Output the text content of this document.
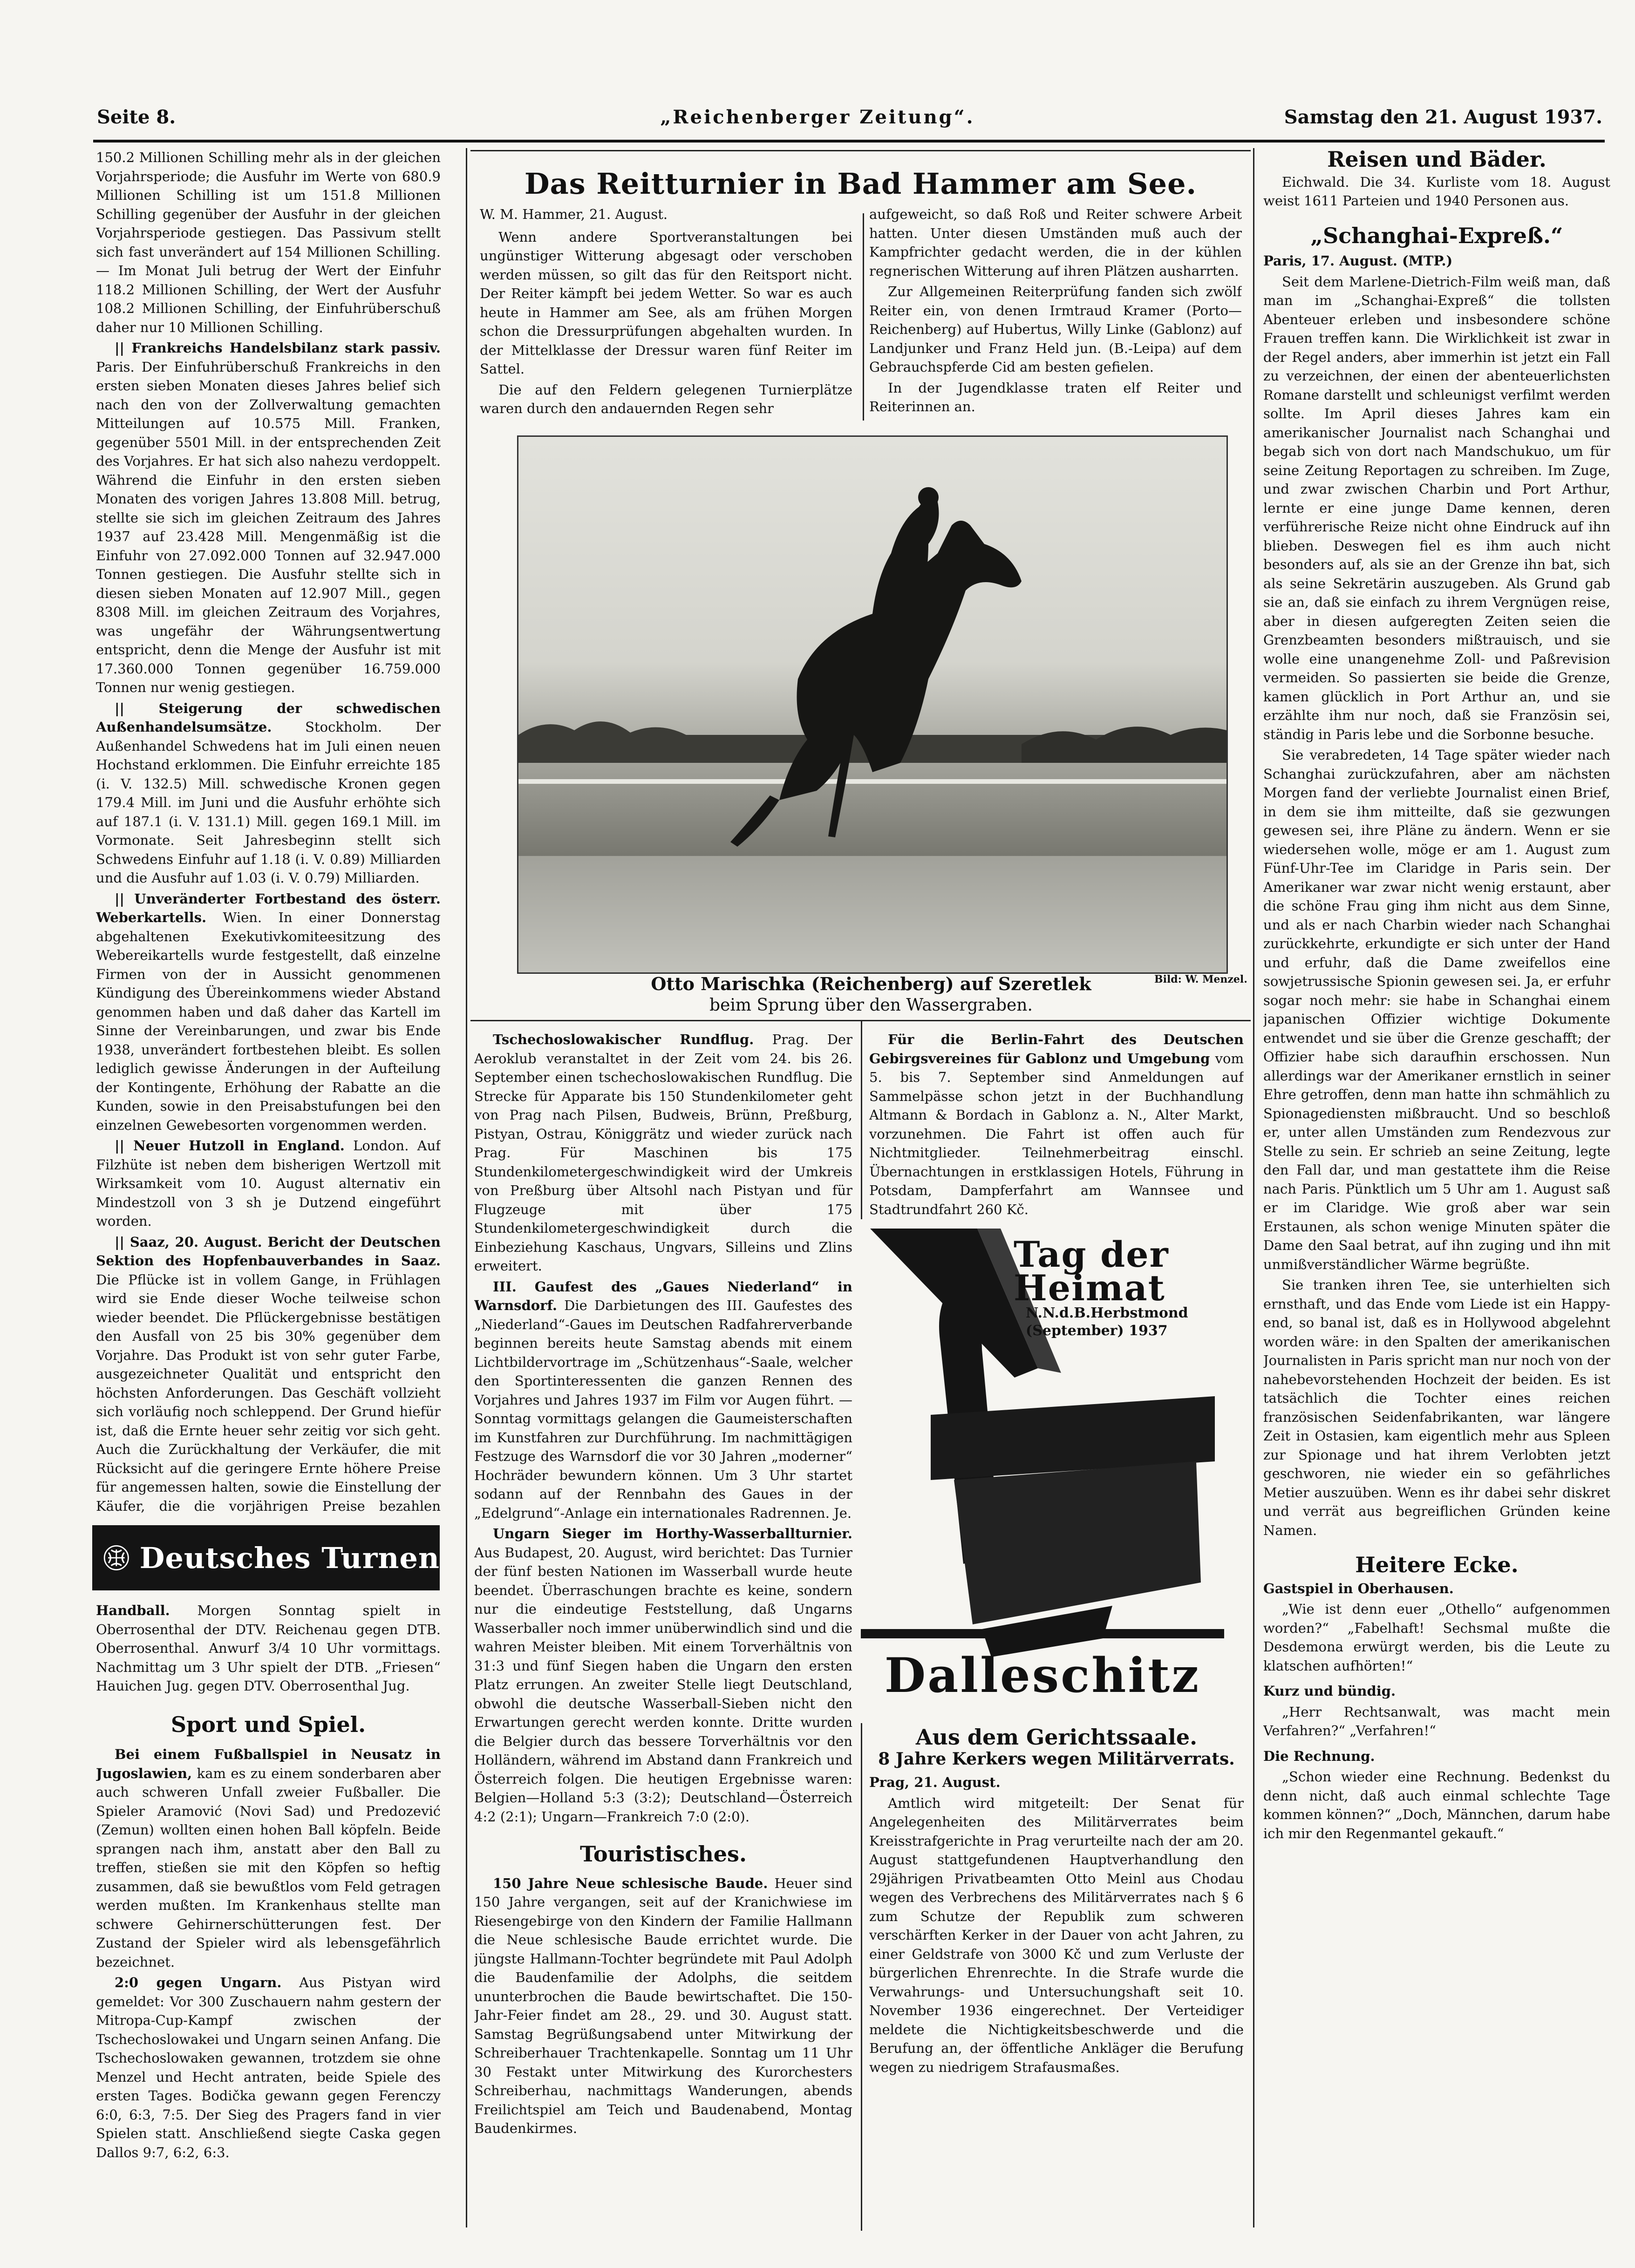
Seite 8.	„Reichenberger Zeitung“.	Samstag den 21. August 1937.

150.2 Millionen Schilling mehr als in der gleichen Vorjahrsperiode; die Ausfuhr im Werte von 680.9 Millionen Schilling ist um 151.8 Millionen Schilling gegenüber der Ausfuhr in der gleichen Vorjahrsperiode gestiegen. Das Passivum stellt sich fast unverändert auf 154 Millionen Schilling. — Im Monat Juli betrug der Wert der Einfuhr 118.2 Millionen Schilling, der Wert der Ausfuhr 108.2 Millionen Schilling, der Einfuhrüberschuß daher nur 10 Millionen Schilling.

|| Frankreichs Handelsbilanz stark passiv. Paris. Der Einfuhrüberschuß Frankreichs in den ersten sieben Monaten dieses Jahres belief sich nach den von der Zollverwaltung gemachten Mitteilungen auf 10.575 Mill. Franken, gegenüber 5501 Mill. in der entsprechenden Zeit des Vorjahres. Er hat sich also nahezu verdoppelt. Während die Einfuhr in den ersten sieben Monaten des vorigen Jahres 13.808 Mill. betrug, stellte sie sich im gleichen Zeitraum des Jahres 1937 auf 23.428 Mill. Mengenmäßig ist die Einfuhr von 27.092.000 Tonnen auf 32.947.000 Tonnen gestiegen. Die Ausfuhr stellte sich in diesen sieben Monaten auf 12.907 Mill., gegen 8308 Mill. im gleichen Zeitraum des Vorjahres, was ungefähr der Währungsentwertung entspricht, denn die Menge der Ausfuhr ist mit 17.360.000 Tonnen gegenüber 16.759.000 Tonnen nur wenig gestiegen.

|| Steigerung der schwedischen Außenhandelsumsätze. Stockholm. Der Außenhandel Schwedens hat im Juli einen neuen Hochstand erklommen. Die Einfuhr erreichte 185 (i. V. 132.5) Mill. schwedische Kronen gegen 179.4 Mill. im Juni und die Ausfuhr erhöhte sich auf 187.1 (i. V. 131.1) Mill. gegen 169.1 Mill. im Vormonate. Seit Jahresbeginn stellt sich Schwedens Einfuhr auf 1.18 (i. V. 0.89) Milliarden und die Ausfuhr auf 1.03 (i. V. 0.79) Milliarden.

|| Unveränderter Fortbestand des österr. Weberkartells. Wien. In einer Donnerstag abgehaltenen Exekutivkomiteesitzung des Webereikartells wurde festgestellt, daß einzelne Firmen von der in Aussicht genommenen Kündigung des Übereinkommens wieder Abstand genommen haben und daß daher das Kartell im Sinne der Vereinbarungen, und zwar bis Ende 1938, unverändert fortbestehen bleibt. Es sollen lediglich gewisse Änderungen in der Aufteilung der Kontingente, Erhöhung der Rabatte an die Kunden, sowie in den Preisabstufungen bei den einzelnen Gewebesorten vorgenommen werden.

|| Neuer Hutzoll in England. London. Auf Filzhüte ist neben dem bisherigen Wertzoll mit Wirksamkeit vom 10. August alternativ ein Mindestzoll von 3 sh je Dutzend eingeführt worden.

|| Saaz, 20. August. Bericht der Deutschen Sektion des Hopfenbauverbandes in Saaz. Die Pflücke ist in vollem Gange, in Frühlagen wird sie Ende dieser Woche teilweise schon wieder beendet. Die Pflückergebnisse bestätigen den Ausfall von 25 bis 30% gegenüber dem Vorjahre. Das Produkt ist von sehr guter Farbe, ausgezeichneter Qualität und entspricht den höchsten Anforderungen. Das Geschäft vollzieht sich vorläufig noch schleppend. Der Grund hiefür ist, daß die Ernte heuer sehr zeitig vor sich geht. Auch die Zurückhaltung der Verkäufer, die mit Rücksicht auf die geringere Ernte höhere Preise für angemessen halten, sowie die Einstellung der Käufer, die die vorjährigen Preise bezahlen

Deutsches Turnen

Handball. Morgen Sonntag spielt in Oberrosenthal der DTV. Reichenau gegen DTB. Oberrosenthal. Anwurf 3/4 10 Uhr vormittags. Nachmittag um 3 Uhr spielt der DTB. „Friesen“ Hauichen Jug. gegen DTV. Oberrosenthal Jug.

Sport und Spiel.

Bei einem Fußballspiel in Neusatz in Jugoslawien, kam es zu einem sonderbaren aber auch schweren Unfall zweier Fußballer. Die Spieler Aramović (Novi Sad) und Predozević (Zemun) wollten einen hohen Ball köpfeln. Beide sprangen nach ihm, anstatt aber den Ball zu treffen, stießen sie mit den Köpfen so heftig zusammen, daß sie bewußtlos vom Feld getragen werden mußten. Im Krankenhaus stellte man schwere Gehirnerschütterungen fest. Der Zustand der Spieler wird als lebensgefährlich bezeichnet.

2:0 gegen Ungarn. Aus Pistyan wird gemeldet: Vor 300 Zuschauern nahm gestern der Mitropa-Cup-Kampf zwischen der Tschechoslowakei und Ungarn seinen Anfang. Die Tschechoslowaken gewannen, trotzdem sie ohne Menzel und Hecht antraten, beide Spiele des ersten Tages. Bodička gewann gegen Ferenczy 6:0, 6:3, 7:5. Der Sieg des Pragers fand in vier Spielen statt. Anschließend siegte Caska gegen Dallos 9:7, 6:2, 6:3.

Das Reitturnier in Bad Hammer am See.

W. M. Hammer, 21. August.

Wenn andere Sportveranstaltungen bei ungünstiger Witterung abgesagt oder verschoben werden müssen, so gilt das für den Reitsport nicht. Der Reiter kämpft bei jedem Wetter. So war es auch heute in Hammer am See, als am frühen Morgen schon die Dressurprüfungen abgehalten wurden. In der Mittelklasse der Dressur waren fünf Reiter im Sattel.

Die auf den Feldern gelegenen Turnierplätze waren durch den andauernden Regen sehr

aufgeweicht, so daß Roß und Reiter schwere Arbeit hatten. Unter diesen Umständen muß auch der Kampfrichter gedacht werden, die in der kühlen regnerischen Witterung auf ihren Plätzen ausharrten.

Zur Allgemeinen Reiterprüfung fanden sich zwölf Reiter ein, von denen Irmtraud Kramer (Porto—Reichenberg) auf Hubertus, Willy Linke (Gablonz) auf Landjunker und Franz Held jun. (B.-Leipa) auf dem Gebrauchspferde Cid am besten gefielen.

In der Jugendklasse traten elf Reiter und Reiterinnen an.

Otto Marischka (Reichenberg) auf Szeretlek
beim Sprung über den Wassergraben.
Bild: W. Menzel.

Tschechoslowakischer Rundflug. Prag. Der Aeroklub veranstaltet in der Zeit vom 24. bis 26. September einen tschechoslowakischen Rundflug. Die Strecke für Apparate bis 150 Stundenkilometer geht von Prag nach Pilsen, Budweis, Brünn, Preßburg, Pistyan, Ostrau, Königgrätz und wieder zurück nach Prag. Für Maschinen bis 175 Stundenkilometergeschwindigkeit wird der Umkreis von Preßburg über Altsohl nach Pistyan und für Flugzeuge mit über 175 Stundenkilometergeschwindigkeit durch die Einbeziehung Kaschaus, Ungvars, Silleins und Zlins erweitert.

III. Gaufest des „Gaues Niederland“ in Warnsdorf. Die Darbietungen des III. Gaufestes des „Niederland“-Gaues im Deutschen Radfahrerverbande beginnen bereits heute Samstag abends mit einem Lichtbildervortrage im „Schützenhaus“-Saale, welcher den Sportinteressenten die ganzen Rennen des Vorjahres und Jahres 1937 im Film vor Augen führt. — Sonntag vormittags gelangen die Gaumeisterschaften im Kunstfahren zur Durchführung. Im nachmittägigen Festzuge des Warnsdorf die vor 30 Jahren „moderner“ Hochräder bewundern können. Um 3 Uhr startet sodann auf der Rennbahn des Gaues in der „Edelgrund“-Anlage ein internationales Radrennen. Je.

Ungarn Sieger im Horthy-Wasserballturnier. Aus Budapest, 20. August, wird berichtet: Das Turnier der fünf besten Nationen im Wasserball wurde heute beendet. Überraschungen brachte es keine, sondern nur die eindeutige Feststellung, daß Ungarns Wasserballer noch immer unüberwindlich sind und die wahren Meister bleiben. Mit einem Torverhältnis von 31:3 und fünf Siegen haben die Ungarn den ersten Platz errungen. An zweiter Stelle liegt Deutschland, obwohl die deutsche Wasserball-Sieben nicht den Erwartungen gerecht werden konnte. Dritte wurden die Belgier durch das bessere Torverhältnis vor den Holländern, während im Abstand dann Frankreich und Österreich folgen. Die heutigen Ergebnisse waren: Belgien—Holland 5:3 (3:2); Deutschland—Österreich 4:2 (2:1); Ungarn—Frankreich 7:0 (2:0).

Touristisches.

150 Jahre Neue schlesische Baude. Heuer sind 150 Jahre vergangen, seit auf der Kranichwiese im Riesengebirge von den Kindern der Familie Hallmann die Neue schlesische Baude errichtet wurde. Die jüngste Hallmann-Tochter begründete mit Paul Adolph die Baudenfamilie der Adolphs, die seitdem ununterbrochen die Baude bewirtschaftet. Die 150-Jahr-Feier findet am 28., 29. und 30. August statt. Samstag Begrüßungsabend unter Mitwirkung der Schreiberhauer Trachtenkapelle. Sonntag um 11 Uhr 30 Festakt unter Mitwirkung des Kurorchesters Schreiberhau, nachmittags Wanderungen, abends Freilichtspiel am Teich und Baudenabend, Montag Baudenkirmes.

Für die Berlin-Fahrt des Deutschen Gebirgsvereines für Gablonz und Umgebung vom 5. bis 7. September sind Anmeldungen auf Sammelpässe schon jetzt in der Buchhandlung Altmann & Bordach in Gablonz a. N., Alter Markt, vorzunehmen. Die Fahrt ist offen auch für Nichtmitglieder. Teilnehmerbeitrag einschl. Übernachtungen in erstklassigen Hotels, Führung in Potsdam, Dampferfahrt am Wannsee und Stadtrundfahrt 260 Kč.

Tag der
Heimat
N.N.d.B.Herbstmond
(September) 1937
Dalleschitz
Aus dem Gerichtssaale.
8 Jahre Kerkers wegen Militärverrats.

Prag, 21. August.

Amtlich wird mitgeteilt: Der Senat für Angelegenheiten des Militärverrates beim Kreisstrafgerichte in Prag verurteilte nach der am 20. August stattgefundenen Hauptverhandlung den 29jährigen Privatbeamten Otto Meinl aus Chodau wegen des Verbrechens des Militärverrates nach § 6 zum Schutze der Republik zum schweren verschärften Kerker in der Dauer von acht Jahren, zu einer Geldstrafe von 3000 Kč und zum Verluste der bürgerlichen Ehrenrechte. In die Strafe wurde die Verwahrungs- und Untersuchungshaft seit 10. November 1936 eingerechnet. Der Verteidiger meldete die Nichtigkeitsbeschwerde und die Berufung an, der öffentliche Ankläger die Berufung wegen zu niedrigem Strafausmaßes.

Reisen und Bäder.

Eichwald. Die 34. Kurliste vom 18. August weist 1611 Parteien und 1940 Personen aus.

„Schanghai-Expreß.“

Paris, 17. August. (MTP.)

Seit dem Marlene-Dietrich-Film weiß man, daß man im „Schanghai-Expreß“ die tollsten Abenteuer erleben und insbesondere schöne Frauen treffen kann. Die Wirklichkeit ist zwar in der Regel anders, aber immerhin ist jetzt ein Fall zu verzeichnen, der einen der abenteuerlichsten Romane darstellt und schleunigst verfilmt werden sollte. Im April dieses Jahres kam ein amerikanischer Journalist nach Schanghai und begab sich von dort nach Mandschukuo, um für seine Zeitung Reportagen zu schreiben. Im Zuge, und zwar zwischen Charbin und Port Arthur, lernte er eine junge Dame kennen, deren verführerische Reize nicht ohne Eindruck auf ihn blieben. Deswegen fiel es ihm auch nicht besonders auf, als sie an der Grenze ihn bat, sich als seine Sekretärin auszugeben. Als Grund gab sie an, daß sie einfach zu ihrem Vergnügen reise, aber in diesen aufgeregten Zeiten seien die Grenzbeamten besonders mißtrauisch, und sie wolle eine unangenehme Zoll- und Paßrevision vermeiden. So passierten sie beide die Grenze, kamen glücklich in Port Arthur an, und sie erzählte ihm nur noch, daß sie Französin sei, ständig in Paris lebe und die Sorbonne besuche.

Sie verabredeten, 14 Tage später wieder nach Schanghai zurückzufahren, aber am nächsten Morgen fand der verliebte Journalist einen Brief, in dem sie ihm mitteilte, daß sie gezwungen gewesen sei, ihre Pläne zu ändern. Wenn er sie wiedersehen wolle, möge er am 1. August zum Fünf-Uhr-Tee im Claridge in Paris sein. Der Amerikaner war zwar nicht wenig erstaunt, aber die schöne Frau ging ihm nicht aus dem Sinne, und als er nach Charbin wieder nach Schanghai zurückkehrte, erkundigte er sich unter der Hand und erfuhr, daß die Dame zweifellos eine sowjetrussische Spionin gewesen sei. Ja, er erfuhr sogar noch mehr: sie habe in Schanghai einem japanischen Offizier wichtige Dokumente entwendet und sie über die Grenze geschafft; der Offizier habe sich daraufhin erschossen. Nun allerdings war der Amerikaner ernstlich in seiner Ehre getroffen, denn man hatte ihn schmählich zu Spionagediensten mißbraucht. Und so beschloß er, unter allen Umständen zum Rendezvous zur Stelle zu sein. Er schrieb an seine Zeitung, legte den Fall dar, und man gestattete ihm die Reise nach Paris. Pünktlich um 5 Uhr am 1. August saß er im Claridge. Wie groß aber war sein Erstaunen, als schon wenige Minuten später die Dame den Saal betrat, auf ihn zuging und ihn mit unmißverständlicher Wärme begrüßte.

Sie tranken ihren Tee, sie unterhielten sich ernsthaft, und das Ende vom Liede ist ein Happy-end, so banal ist, daß es in Hollywood abgelehnt worden wäre: in den Spalten der amerikanischen Journalisten in Paris spricht man nur noch von der nahebevorstehenden Hochzeit der beiden. Es ist tatsächlich die Tochter eines reichen französischen Seidenfabrikanten, war längere Zeit in Ostasien, kam eigentlich mehr aus Spleen zur Spionage und hat ihrem Verlobten jetzt geschworen, nie wieder ein so gefährliches Metier auszuüben. Wenn es ihr dabei sehr diskret und verrät aus begreiflichen Gründen keine Namen.

Heitere Ecke.

Gastspiel in Oberhausen.

„Wie ist denn euer „Othello“ aufgenommen worden?“ „Fabelhaft! Sechsmal mußte die Desdemona erwürgt werden, bis die Leute zu klatschen aufhörten!“

Kurz und bündig.

„Herr Rechtsanwalt, was macht mein Verfahren?“ „Verfahren!“

Die Rechnung.

„Schon wieder eine Rechnung. Bedenkst du denn nicht, daß auch einmal schlechte Tage kommen können?“ „Doch, Männchen, darum habe ich mir den Regenmantel gekauft.“
